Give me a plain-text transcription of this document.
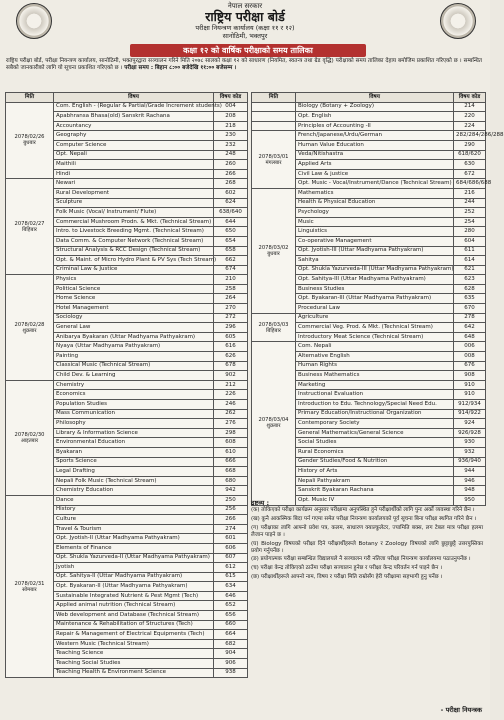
नेपाल सरकार
राष्ट्रिय परीक्षा बोर्ड
परीक्षा नियन्त्रण कार्यालय (कक्षा ११ र १२)
सानोठिमी, भक्तपुर
कक्षा १२ को वार्षिक परीक्षाको समय तालिका
राष्ट्रिय परीक्षा बोर्ड, परीक्षा नियन्त्रण कार्यालय, सानोठिमी, भक्तपुरद्वारा सञ्चालन गरिने मिति २०७८ सालको कक्षा १२ को साधारण (नियमित, स्वतन्त्र तथा ग्रेड वृद्धि) परीक्षाको समय तालिका देहाय बमोजिम प्रकाशित गरिएको छ । सम्बन्धित सबैको जानकारीको लागि यो सूचना प्रकाशित गरिएको छ । परीक्षा समय : बिहान ८:०० बजेदेखि ११:०० बजेसम्म ।
मिति	विषय	विषय कोड
2078/02/26 बुधबार	Com. English - (Regular & Partial/Grade Increment students)	004
	Apabhransa Bhasa(old) Sanskrit Rachana	208
	Accountancy	218
	Geography	230
	Computer Science	232
	Opt. Nepali	248
	Maithili	260
	Hindi	266
2078/02/27 बिहिबार	Newari	268
	Rural Development	602
	Sculpture	624
	Folk Music (Vocal/ Instrument/ Flute)	638/640
	Commercial Mushroom Prodn. & Mkt. (Technical Stream)	644
	Intro. to Livestock Breeding Mgmt. (Technical Stream)	650
	Data Comm. & Computer Network (Technical Stream)	654
	Structural Analysis & RCC Design (Technical Stream)	658
	Opt. & Maint. of Micro Hydro Plant & PV Sys (Tech Stream)	662
	Criminal Law & Justice	674
2078/02/28 शुक्रबार	Physics	210
	Political Science	258
	Home Science	264
	Hotel Management	270
	Sociology	272
	General Law	296
	Anibarya Byakaran (Uttar Madhyama Pathyakram)	605
	Nyaya (Uttar Madhyama Pathyakram)	616
	Painting	626
	Classical Music (Technical Stream)	678
	Child Dev. & Learning	902
2078/02/30 आइतबार	Chemistry	212
	Economics	226
	Population Studies	246
	Mass Communication	262
	Philosophy	276
	Library & Information Science	298
	Environmental Education	608
	Byakaran	610
	Sports Science	666
	Legal Drafting	668
	Nepali Folk Music (Technical Stream)	680
	Chemistry Education	942
2078/02/31 सोमबार	Dance	250
	History	256
	Culture	266
	Travel & Tourism	274
	Opt. Jyotish-II (Uttar Madhyama Pathyakram)	601
	Elements of Finance	606
	Opt. Shukla Yazurveda-II (Uttar Madhyama Pathyakram)	607
	Jyotish	612
	Opt. Sahitya-II (Uttar Madhyama Pathyakram)	615
	Opt. Byakaran-II (Uttar Madhyama Pathyakram)	634
	Sustainable Integrated Nutrient & Pest Mgmt (Tech)	646
	Applied animal nutrition (Technical Stream)	652
	Web development and Database (Technical Stream)	656
	Maintenance & Rehabilitation of Structures (Tech)	660
	Repair & Management of Electrical Equipments (Tech)	664
	Western Music (Technical Stream)	682
	Teaching Science	904
	Teaching Social Studies	906
	Teaching Health & Environment Science	938
मिति	विषय	विषय कोड
	Biology (Botany + Zoology)	214
	Opt. English	220
	Principles of Accounting -II	224
2078/03/01 मंगलबार	French/Japanese/Urdu/German	282/284/286/288
	Human Value Education	290
	Veda/Nitishastra	618/620
	Applied Arts	630
	Civil Law & justice	672
	Opt. Music - Vocal/Instrument/Dance (Technical Stream)	684/686/688
2078/03/02 बुधबार	Mathematics	216
	Health & Physical Education	244
	Psychology	252
	Music	254
	Linguistics	280
	Co-operative Management	604
	Opt. Jyotish-III (Uttar Madhyama Pathyakram)	611
	Sahitya	614
	Opt. Shukla Yazurveda-III (Uttar Madhyama Pathyakram)	621
	Opt. Sahitya-III (Uttar Madhyama Pathyakram)	623
	Business Studies	628
	Opt. Byakaran-III (Uttar Madhyama Pathyakram)	635
	Procedural Law	670
2078/03/03 बिहिबार	Agriculture	278
	Commercial Veg. Prod. & Mkt. (Technical Stream)	642
	Introductory Meat Science (Technical Stream)	648
2078/03/04 शुक्रबार	Com. Nepali	006
	Alternative English	008
	Human Rights	676
	Business Mathematics	908
	Marketing	910
	Instructional Evaluation	910
	Introduction to Edu. Technology/Special Need Edu.	912/934
	Primary Education/Instructional Organization	914/922
	Contemporary Society	924
	General Mathematics/General Science	926/928
	Social Studies	930
	Rural Economics	932
	Gender Studies/Food & Nutrition	936/940
	History of Arts	944
	Nepali Pathyakram	946
	Sanskrit Byakaran Rachana	948
	Opt. Music IV	950
द्रष्टव्य :

(क) तोकिएको परीक्षा कार्यक्रम अनुसार परीक्षामा अनुपस्थित हुने परीक्षार्थीको लागि पुनः अर्को व्यवस्था गरिने छैन ।

(ख) कुनै आकस्मिक बिदा पर्न गएमा समेत परीक्षा नियन्त्रण कार्यालयको पूर्व सूचना बिना परीक्षा स्थगित गरिने छैन ।

(ग) परीक्षाका लागि आफ्नो प्रवेश पत्र, कलम, साधारण क्याल्कुलेटर, ज्यामिति बक्स, लग टेबल मात्र परीक्षा हलमा लैजान पाइने छ ।

(घ) Biology विषयको परीक्षा दिने परीक्षार्थीहरूले Botany र Zoology विषयको लागि छुट्टाछुट्टै उत्तरपुस्तिका प्रयोग गर्नुपर्नेछ ।

(ङ) प्रयोगात्मक परीक्षा सम्बन्धित विद्यालयले नै सञ्चालन गरी नतिजा परीक्षा नियन्त्रण कार्यालयमा पठाउनुपर्नेछ ।

(च) परीक्षा केन्द्र तोकिएको ठाउँमा परीक्षा सञ्चालन हुनेछ र परीक्षा केन्द्र परिवर्तन गर्न पाइने छैन ।

(छ) परीक्षार्थीहरूले आफ्नो नाम, विषय र परीक्षा मिति राम्रोसँग हेरी परीक्षामा सहभागी हुनु पर्नेछ ।

- परीक्षा नियन्त्रक
